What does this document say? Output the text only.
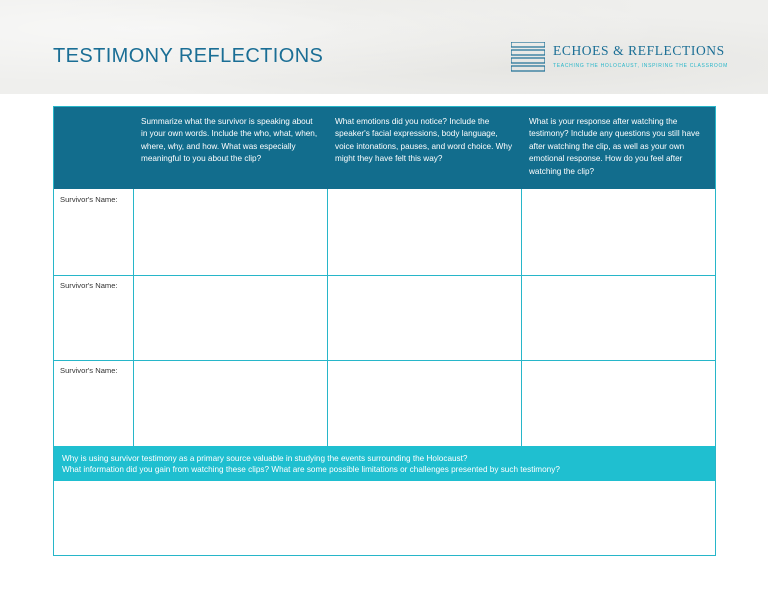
TESTIMONY REFLECTIONS	ECHOES & REFLECTIONS
TEACHING THE HOLOCAUST, INSPIRING THE CLASSROOM
Summarize what the survivor is speaking about in your own words. Include the who, what, when, where, why, and how. What was especially meaningful to you about the clip?
What emotions did you notice? Include the speaker's facial expressions, body language, voice intonations, pauses, and word choice. Why might they have felt this way?
What is your response after watching the testimony? Include any questions you still have after watching the clip, as well as your own emotional response. How do you feel after watching the clip?
Survivor's Name:
Survivor's Name:
Survivor's Name:
Why is using survivor testimony as a primary source valuable in studying the events surrounding the Holocaust?
What information did you gain from watching these clips? What are some possible limitations or challenges presented by such testimony?
